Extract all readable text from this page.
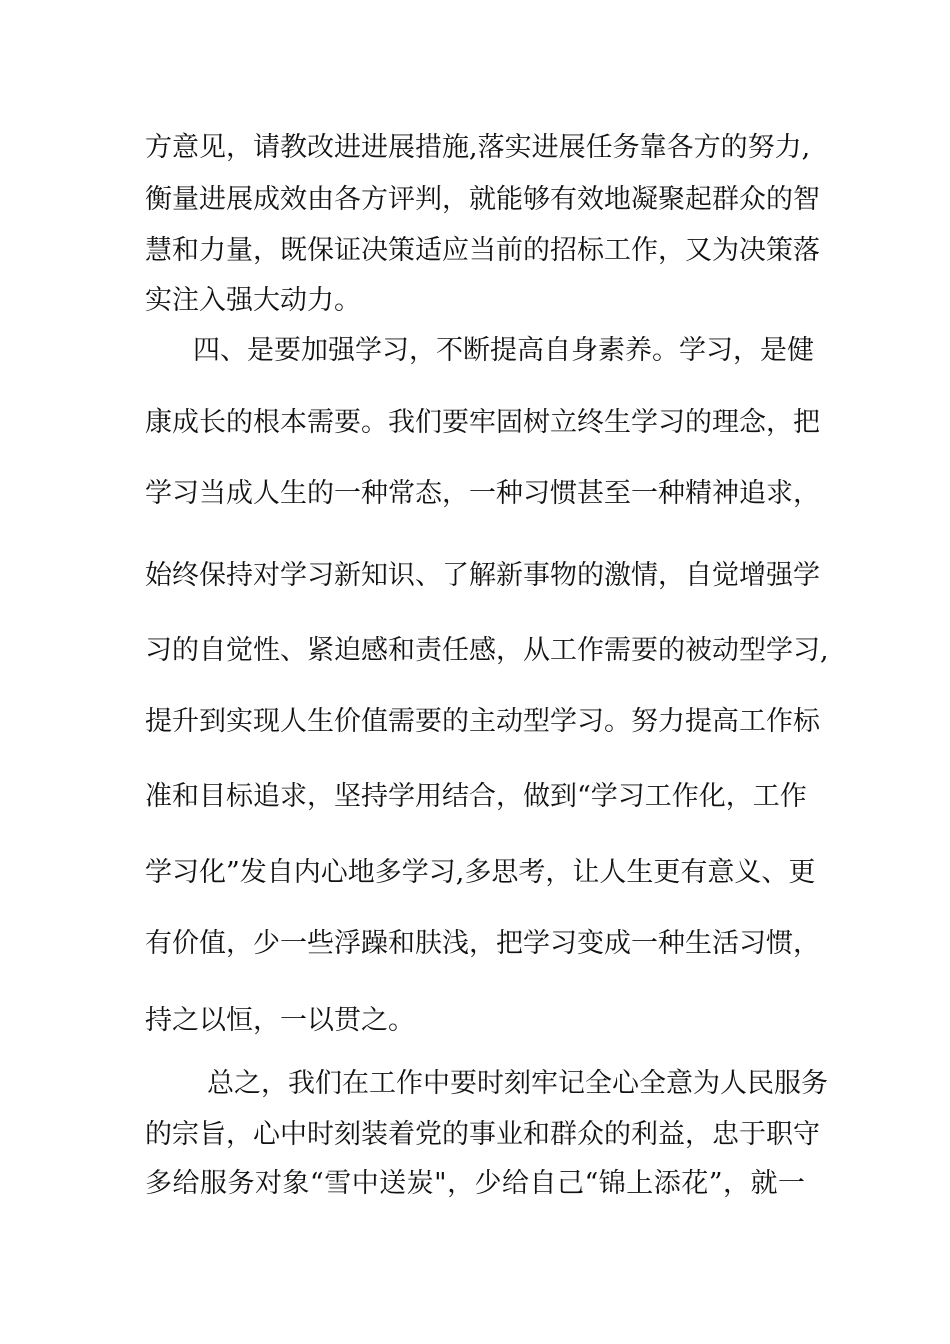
方意见，请教改进进展措施,落实进展任务靠各方的努力,
衡量进展成效由各方评判，就能够有效地凝聚起群众的智
慧和力量，既保证决策适应当前的招标工作，又为决策落
实注入强大动力。
四、是要加强学习，不断提高自身素养。学习，是健
康成长的根本需要。我们要牢固树立终生学习的理念，把
学习当成人生的一种常态，一种习惯甚至一种精神追求，
始终保持对学习新知识、了解新事物的激情，自觉增强学
习的自觉性、紧迫感和责任感，从工作需要的被动型学习,
提升到实现人生价值需要的主动型学习。努力提高工作标
准和目标追求，坚持学用结合，做到“学习工作化，工作
学习化”发自内心地多学习,多思考，让人生更有意义、更
有价值，少一些浮躁和肤浅，把学习变成一种生活习惯，
持之以恒，一以贯之。
总之，我们在工作中要时刻牢记全心全意为人民服务
的宗旨，心中时刻装着党的事业和群众的利益，忠于职守
多给服务对象“雪中送炭"，少给自己“锦上添花”，就一
